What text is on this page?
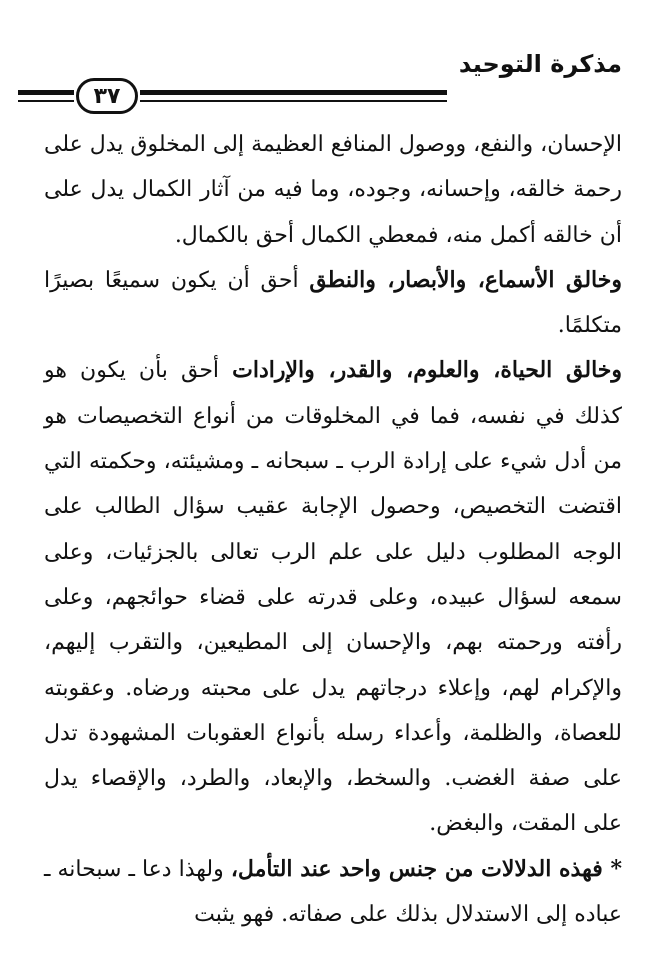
مذكرة التوحيد
٣٧

الإحسان، والنفع، ووصول المنافع العظيمة إلى المخلوق يدل على رحمة خالقه، وإحسانه، وجوده، وما فيه من آثار الكمال يدل على أن خالقه أكمل منه، فمعطي الكمال أحق بالكمال.

وخالق الأسماع، والأبصار، والنطق أحق أن يكون سميعًا بصيرًا متكلمًا.

وخالق الحياة، والعلوم، والقدر، والإرادات أحق بأن يكون هو كذلك في نفسه، فما في المخلوقات من أنواع التخصيصات هو من أدل شيء على إرادة الرب ـ سبحانه ـ ومشيئته، وحكمته التي اقتضت التخصيص، وحصول الإجابة عقيب سؤال الطالب على الوجه المطلوب دليل على علم الرب تعالى بالجزئيات، وعلى سمعه لسؤال عبيده، وعلى قدرته على قضاء حوائجهم، وعلى رأفته ورحمته بهم، والإحسان إلى المطيعين، والتقرب إليهم، والإكرام لهم، وإعلاء درجاتهم يدل على محبته ورضاه. وعقوبته للعصاة، والظلمة، وأعداء رسله بأنواع العقوبات المشهودة تدل على صفة الغضب. والسخط، والإبعاد، والطرد، والإقصاء يدل على المقت، والبغض.

* فهذه الدلالات من جنس واحد عند التأمل، ولهذا دعا ـ سبحانه ـ عباده إلى الاستدلال بذلك على صفاته. فهو يثبت
